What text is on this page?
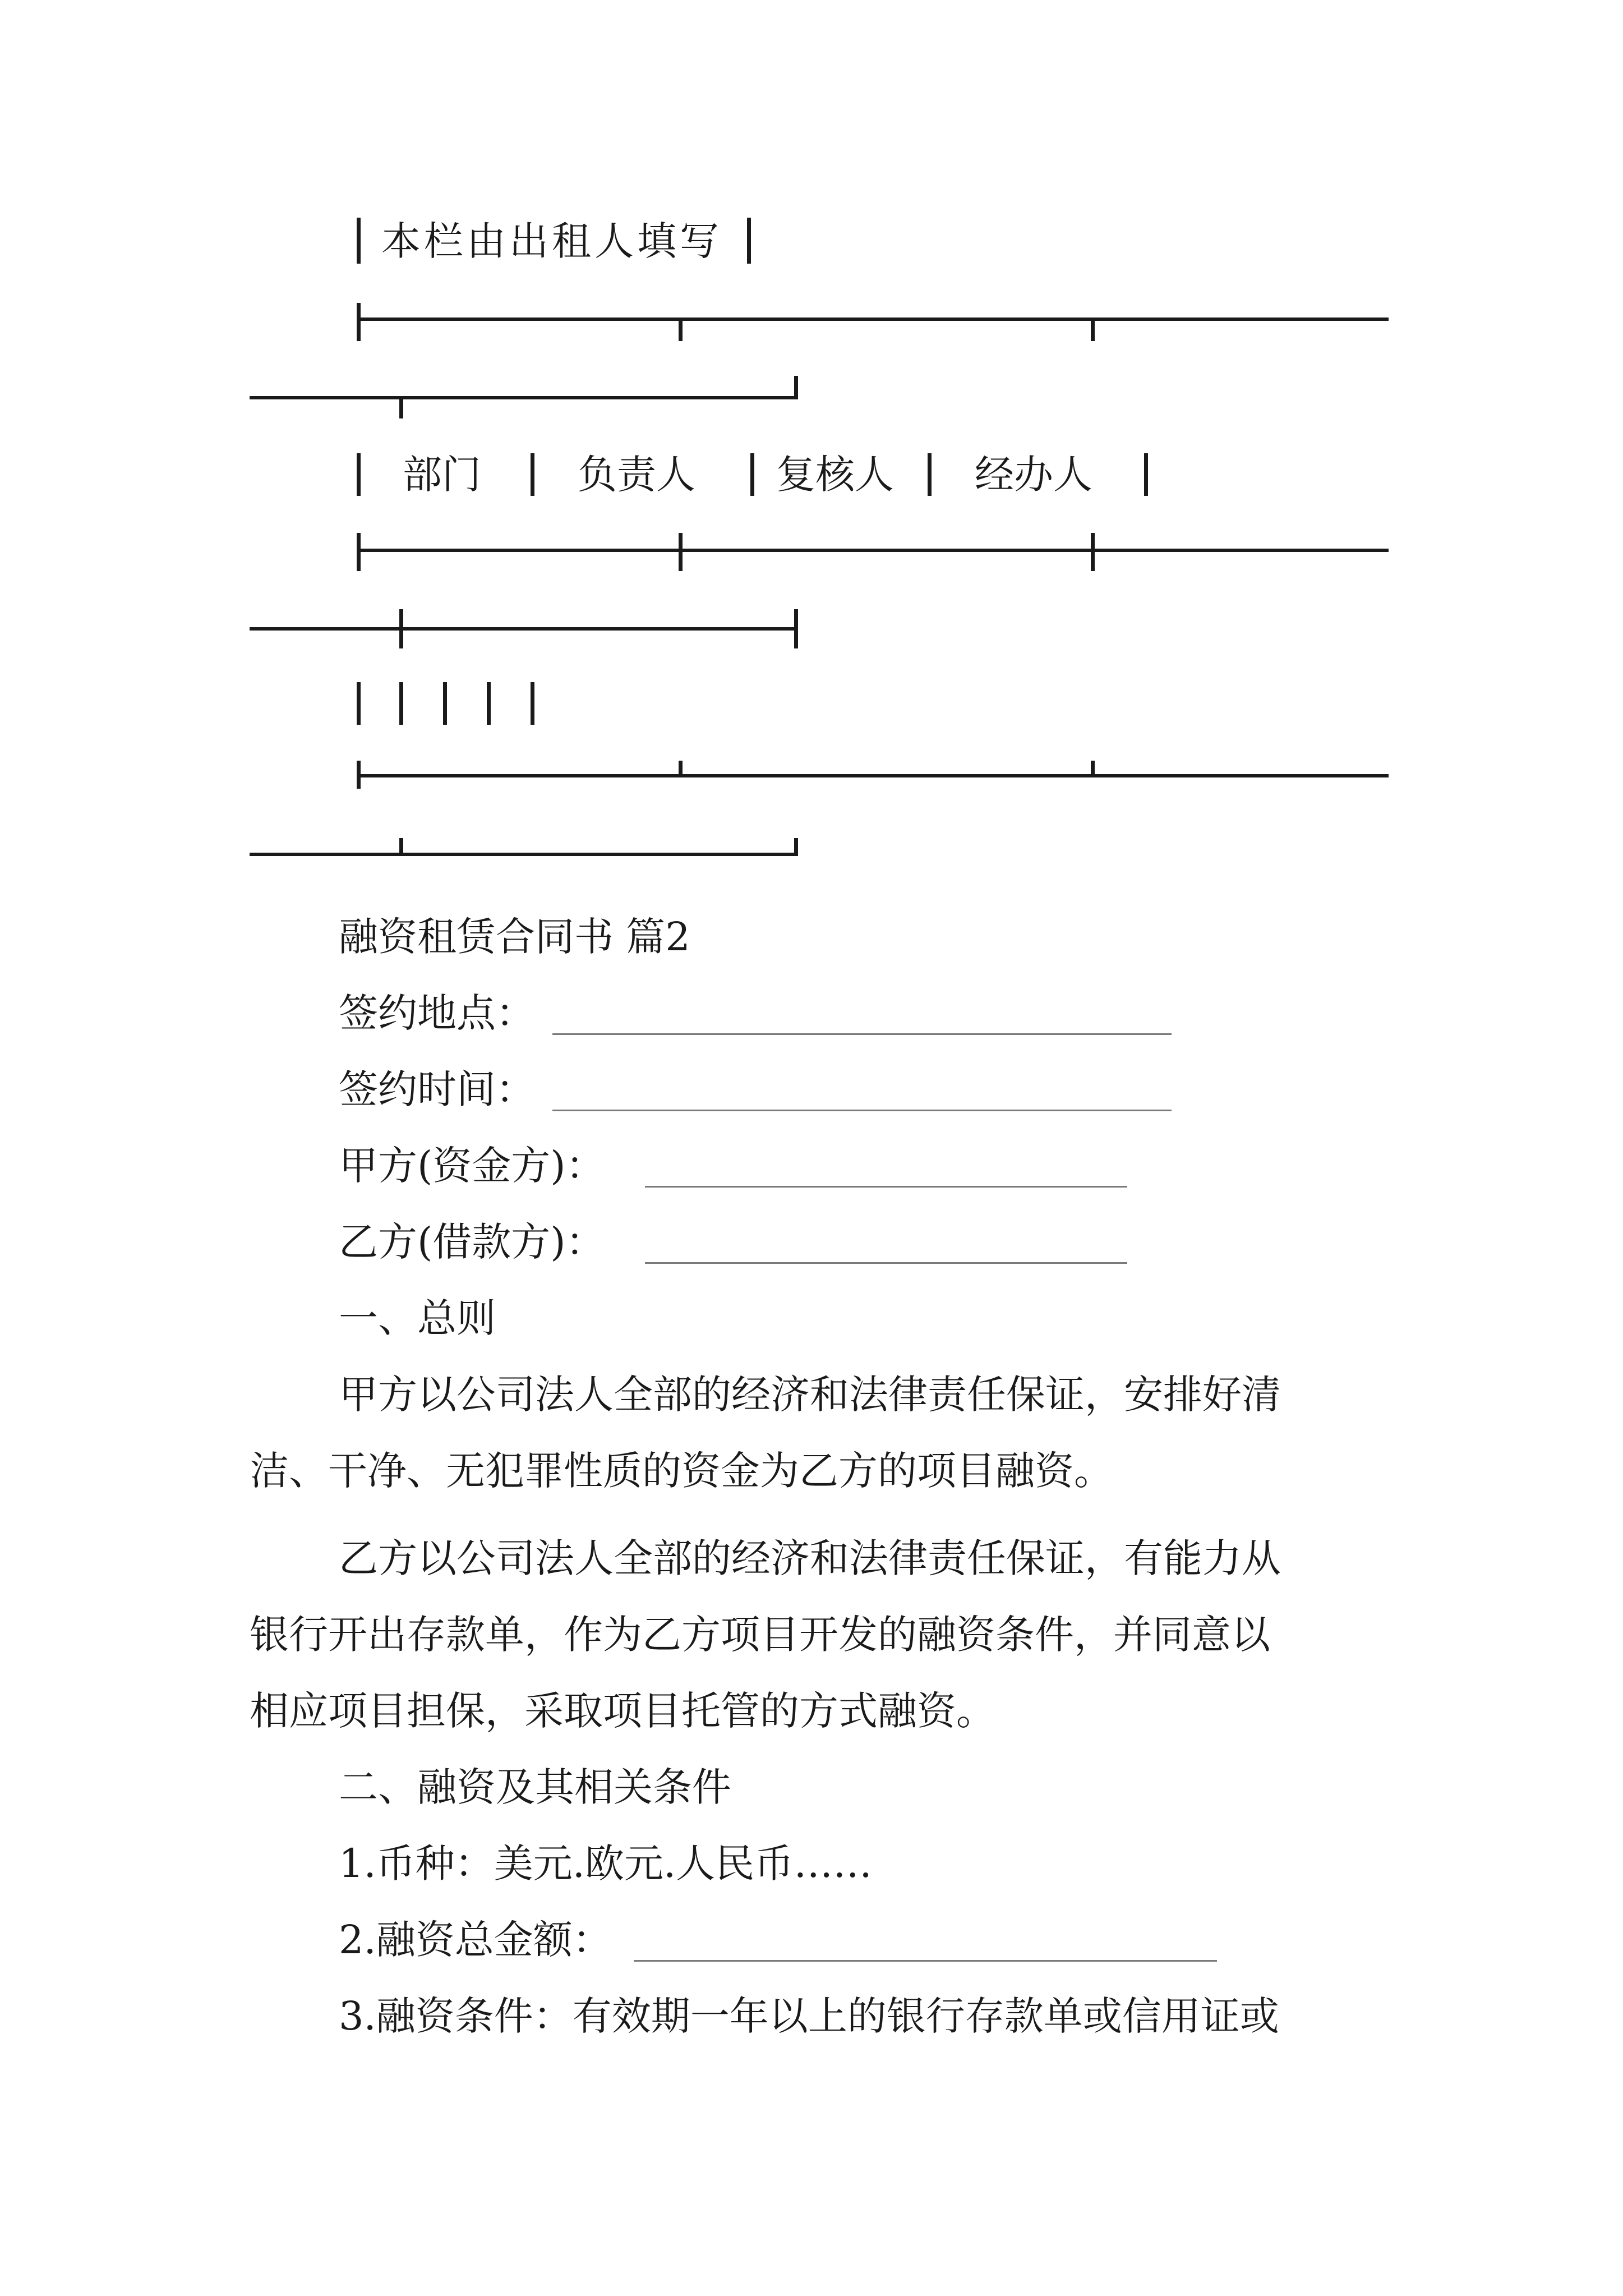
本栏由出租人填写
部门 负责人 复核人 经办人
融资租赁合同书 篇2
签约地点：
签约时间：
甲方(资金方)：
乙方(借款方)：
一、总则
甲方以公司法人全部的经济和法律责任保证，安排好清
洁、干净、无犯罪性质的资金为乙方的项目融资。
乙方以公司法人全部的经济和法律责任保证，有能力从
银行开出存款单，作为乙方项目开发的融资条件，并同意以
相应项目担保，采取项目托管的方式融资。
二、融资及其相关条件
1.币种：美元.欧元.人民币……
2.融资总金额：
3.融资条件：有效期一年以上的银行存款单或信用证或
